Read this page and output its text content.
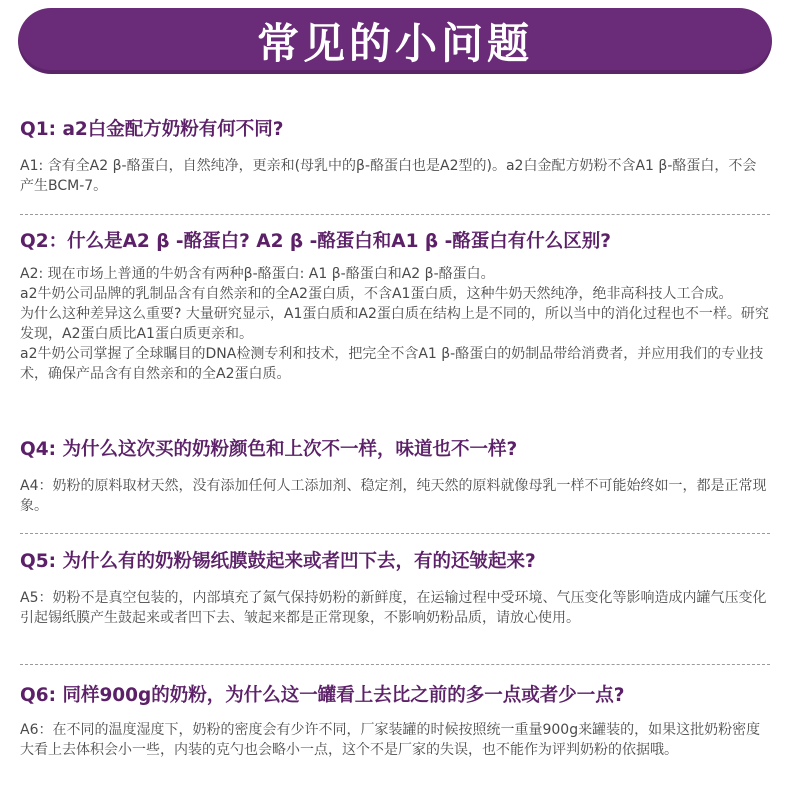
常见的小问题
Q1: a2白金配方奶粉有何不同?

A1: 含有全A2 β-酪蛋白，自然纯净，更亲和(母乳中的β-酪蛋白也是A2型的)。a2白金配方奶粉不含A1 β-酪蛋白，不会产生BCM-7。

Q2：什么是A2 β -酪蛋白? A2 β -酪蛋白和A1 β -酪蛋白有什么区别?

A2: 现在市场上普通的牛奶含有两种β-酪蛋白: A1 β-酪蛋白和A2 β-酪蛋白。

a2牛奶公司品牌的乳制品含有自然亲和的全A2蛋白质，不含A1蛋白质，这种牛奶天然纯净，绝非高科技人工合成。

为什么这种差异这么重要? 大量研究显示，A1蛋白质和A2蛋白质在结构上是不同的，所以当中的消化过程也不一样。研究发现，A2蛋白质比A1蛋白质更亲和。

a2牛奶公司掌握了全球瞩目的DNA检测专利和技术，把完全不含A1 β-酪蛋白的奶制品带给消费者，并应用我们的专业技术，确保产品含有自然亲和的全A2蛋白质。

Q4: 为什么这次买的奶粉颜色和上次不一样，味道也不一样?

A4：奶粉的原料取材天然，没有添加任何人工添加剂、稳定剂，纯天然的原料就像母乳一样不可能始终如一，都是正常现象。

Q5: 为什么有的奶粉锡纸膜鼓起来或者凹下去，有的还皱起来?

A5：奶粉不是真空包装的，内部填充了氮气保持奶粉的新鲜度，在运输过程中受环境、气压变化等影响造成内罐气压变化引起锡纸膜产生鼓起来或者凹下去、皱起来都是正常现象，不影响奶粉品质，请放心使用。

Q6: 同样900g的奶粉，为什么这一罐看上去比之前的多一点或者少一点?

A6：在不同的温度湿度下，奶粉的密度会有少许不同，厂家装罐的时候按照统一重量900g来罐装的，如果这批奶粉密度大看上去体积会小一些，内装的克勺也会略小一点，这个不是厂家的失误，也不能作为评判奶粉的依据哦。
